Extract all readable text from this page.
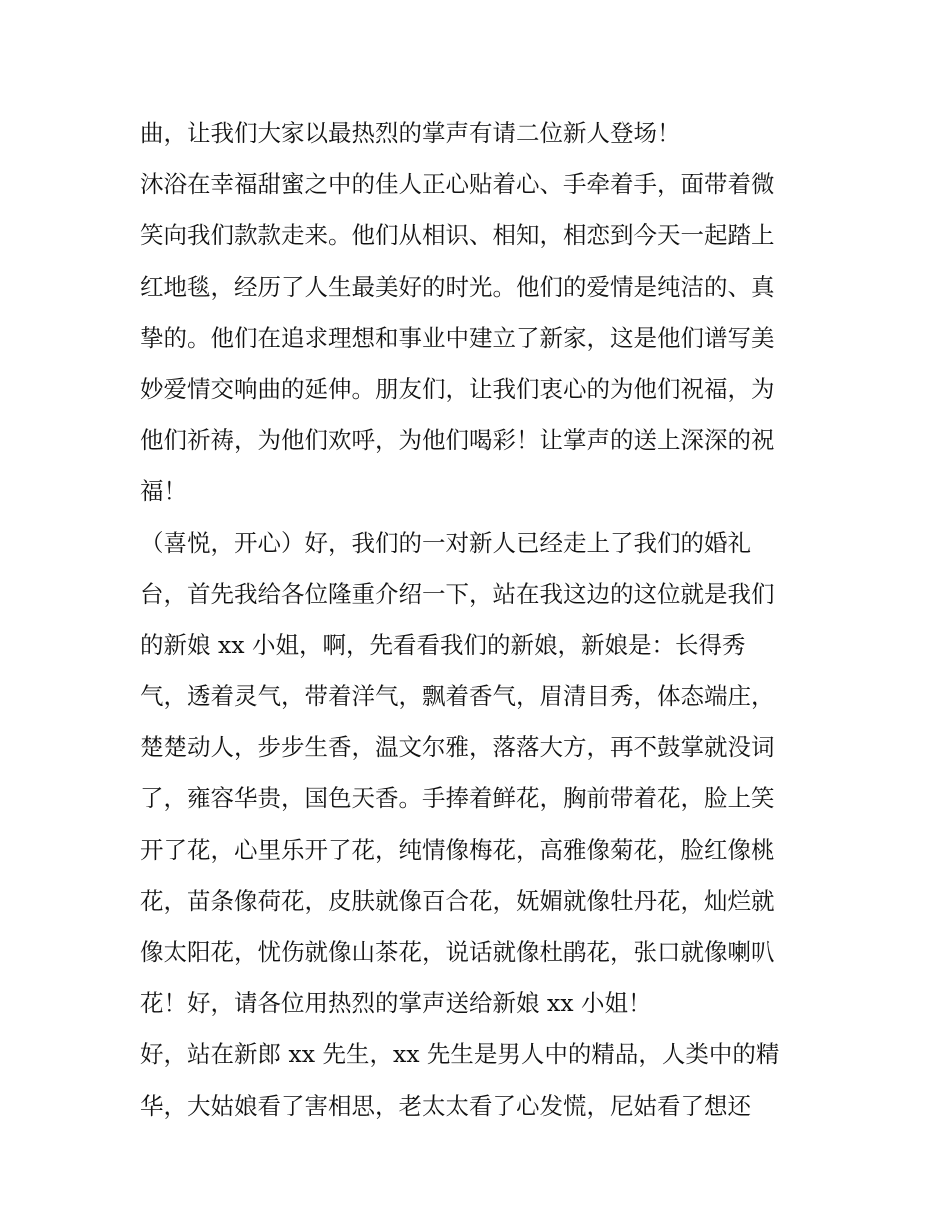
曲，让我们大家以最热烈的掌声有请二位新人登场！
沐浴在幸福甜蜜之中的佳人正心贴着心、手牵着手，面带着微
笑向我们款款走来。他们从相识、相知，相恋到今天一起踏上
红地毯，经历了人生最美好的时光。他们的爱情是纯洁的、真
挚的。他们在追求理想和事业中建立了新家，这是他们谱写美
妙爱情交响曲的延伸。朋友们，让我们衷心的为他们祝福，为
他们祈祷，为他们欢呼，为他们喝彩！让掌声的送上深深的祝
福！
（喜悦，开心）好，我们的一对新人已经走上了我们的婚礼
台，首先我给各位隆重介绍一下，站在我这边的这位就是我们
的新娘 xx 小姐，啊，先看看我们的新娘，新娘是：长得秀
气，透着灵气，带着洋气，飘着香气，眉清目秀，体态端庄，
楚楚动人，步步生香，温文尔雅，落落大方，再不鼓掌就没词
了，雍容华贵，国色天香。手捧着鲜花，胸前带着花，脸上笑
开了花，心里乐开了花，纯情像梅花，高雅像菊花，脸红像桃
花，苗条像荷花，皮肤就像百合花，妩媚就像牡丹花，灿烂就
像太阳花，忧伤就像山茶花，说话就像杜鹃花，张口就像喇叭
花！好，请各位用热烈的掌声送给新娘 xx 小姐！
好，站在新郎 xx 先生，xx 先生是男人中的精品，人类中的精
华，大姑娘看了害相思，老太太看了心发慌，尼姑看了想还
